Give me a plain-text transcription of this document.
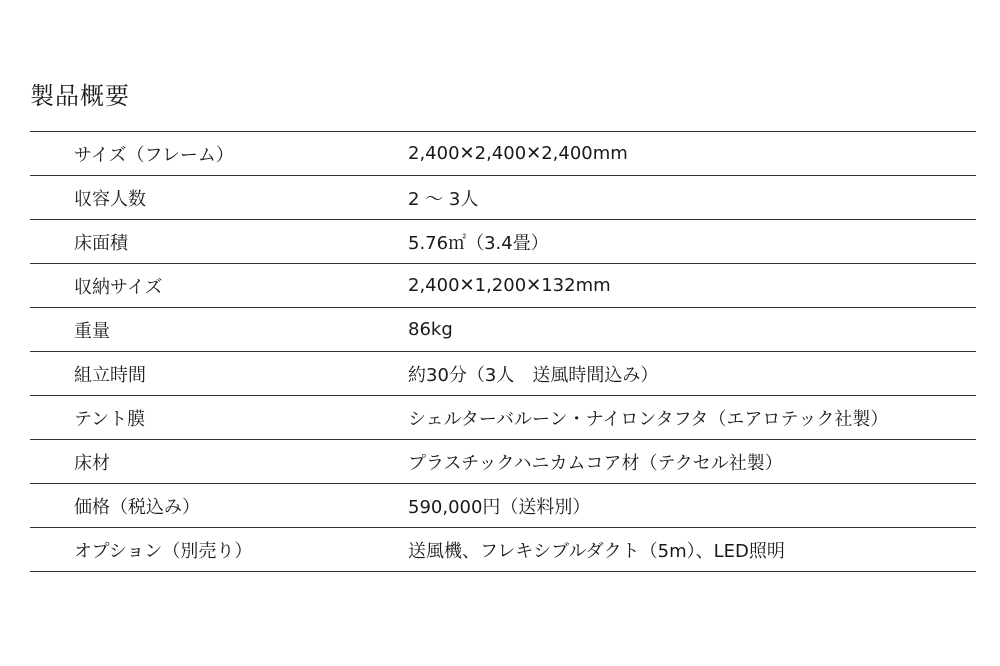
製品概要
サイズ（フレーム）	2,400✕2,400✕2,400mm
収容人数	2 〜 3人
床面積	5.76㎡（3.4畳）
収納サイズ	2,400✕1,200✕132mm
重量	86kg
組立時間	約30分（3人　送風時間込み）
テント膜	シェルターバルーン・ナイロンタフタ（エアロテック社製）
床材	プラスチックハニカムコア材（テクセル社製）
価格（税込み）	590,000円（送料別）
オプション（別売り）	送風機、フレキシブルダクト（5m）、LED照明
